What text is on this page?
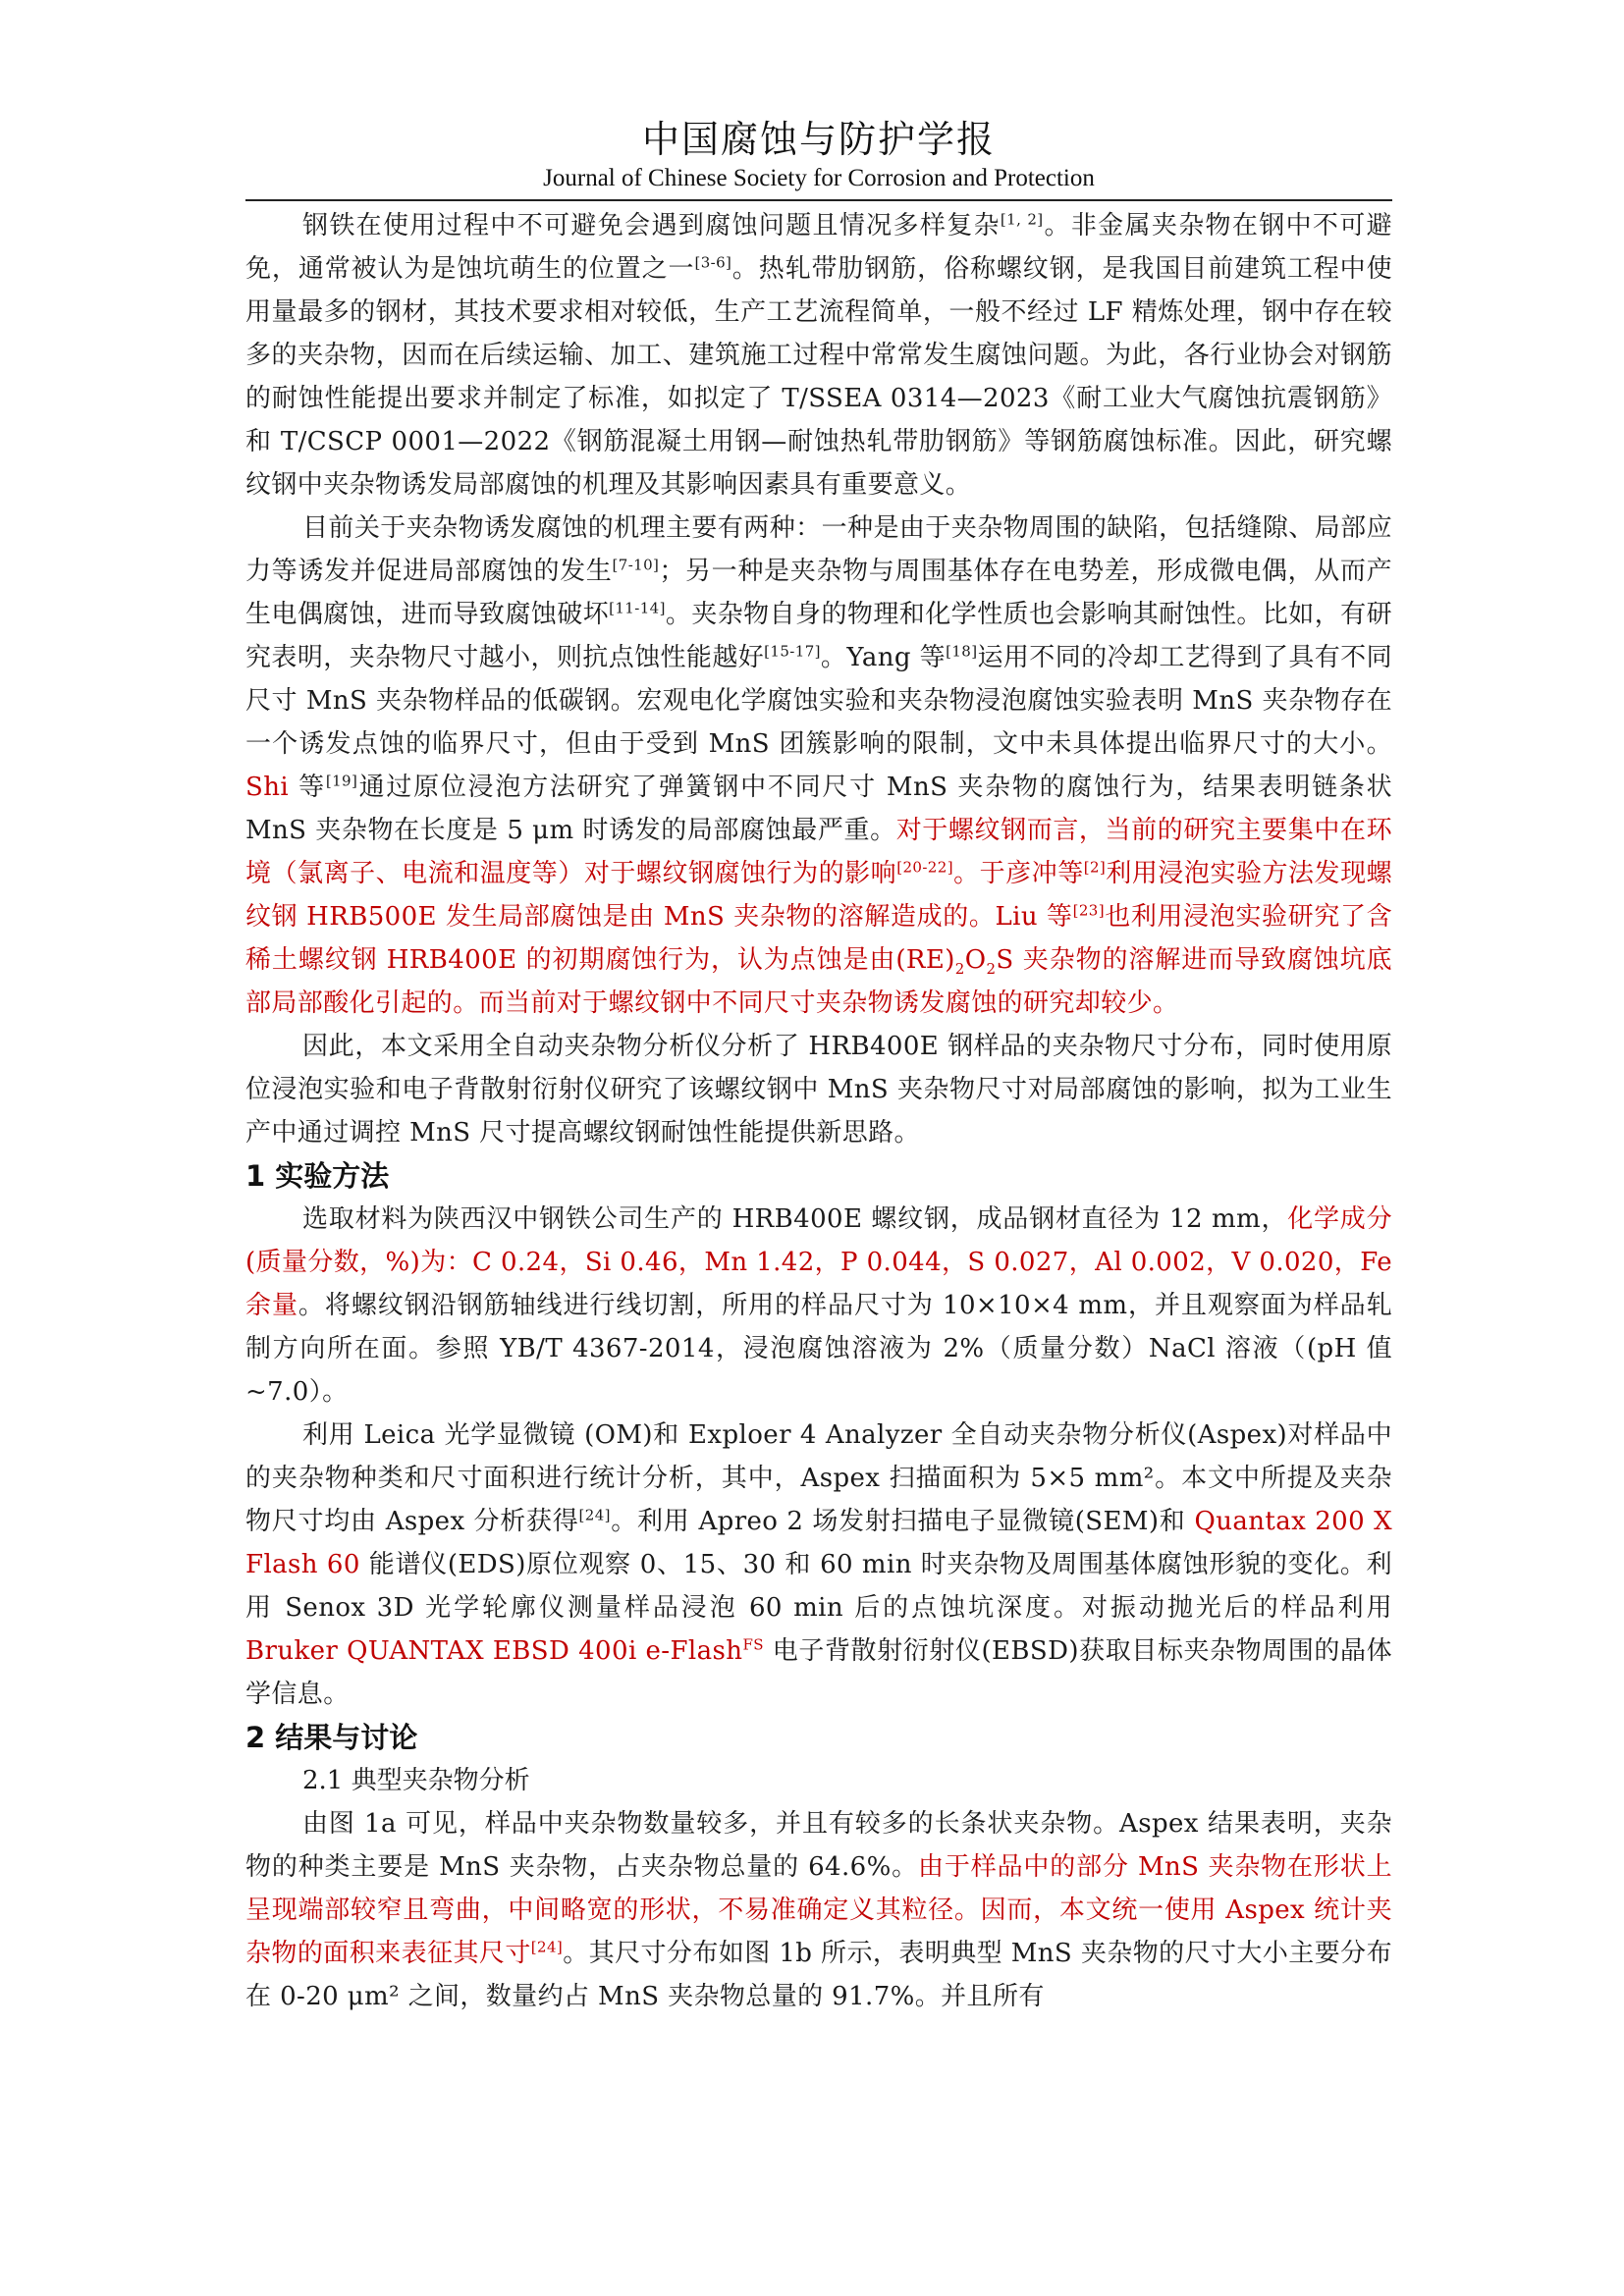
中国腐蚀与防护学报
Journal of Chinese Society for Corrosion and Protection

钢铁在使用过程中不可避免会遇到腐蚀问题且情况多样复杂[1, 2]。非金属夹杂物在钢中不可避免，通常被认为是蚀坑萌生的位置之一[3-6]。热轧带肋钢筋，俗称螺纹钢，是我国目前建筑工程中使用量最多的钢材，其技术要求相对较低，生产工艺流程简单，一般不经过 LF 精炼处理，钢中存在较多的夹杂物，因而在后续运输、加工、建筑施工过程中常常发生腐蚀问题。为此，各行业协会对钢筋的耐蚀性能提出要求并制定了标准，如拟定了 T/SSEA 0314—2023《耐工业大气腐蚀抗震钢筋》和 T/CSCP 0001—2022《钢筋混凝土用钢—耐蚀热轧带肋钢筋》等钢筋腐蚀标准。因此，研究螺纹钢中夹杂物诱发局部腐蚀的机理及其影响因素具有重要意义。

目前关于夹杂物诱发腐蚀的机理主要有两种：一种是由于夹杂物周围的缺陷，包括缝隙、局部应力等诱发并促进局部腐蚀的发生[7-10]；另一种是夹杂物与周围基体存在电势差，形成微电偶，从而产生电偶腐蚀，进而导致腐蚀破坏[11-14]。夹杂物自身的物理和化学性质也会影响其耐蚀性。比如，有研究表明，夹杂物尺寸越小，则抗点蚀性能越好[15-17]。Yang 等[18]运用不同的冷却工艺得到了具有不同尺寸 MnS 夹杂物样品的低碳钢。宏观电化学腐蚀实验和夹杂物浸泡腐蚀实验表明 MnS 夹杂物存在一个诱发点蚀的临界尺寸，但由于受到 MnS 团簇影响的限制，文中未具体提出临界尺寸的大小。Shi 等[19]通过原位浸泡方法研究了弹簧钢中不同尺寸 MnS 夹杂物的腐蚀行为，结果表明链条状 MnS 夹杂物在长度是 5 μm 时诱发的局部腐蚀最严重。对于螺纹钢而言，当前的研究主要集中在环境（氯离子、电流和温度等）对于螺纹钢腐蚀行为的影响[20-22]。于彦冲等[2]利用浸泡实验方法发现螺纹钢 HRB500E 发生局部腐蚀是由 MnS 夹杂物的溶解造成的。Liu 等[23]也利用浸泡实验研究了含稀土螺纹钢 HRB400E 的初期腐蚀行为，认为点蚀是由$(RE)_2O_2S$ 夹杂物的溶解进而导致腐蚀坑底部局部酸化引起的。而当前对于螺纹钢中不同尺寸夹杂物诱发腐蚀的研究却较少。

因此，本文采用全自动夹杂物分析仪分析了 HRB400E 钢样品的夹杂物尺寸分布，同时使用原位浸泡实验和电子背散射衍射仪研究了该螺纹钢中 MnS 夹杂物尺寸对局部腐蚀的影响，拟为工业生产中通过调控 MnS 尺寸提高螺纹钢耐蚀性能提供新思路。

1 实验方法

选取材料为陕西汉中钢铁公司生产的 HRB400E 螺纹钢，成品钢材直径为 12 mm，化学成分(质量分数，%)为：C 0.24，Si 0.46，Mn 1.42，P 0.044，S 0.027，Al 0.002，V 0.020，Fe 余量。将螺纹钢沿钢筋轴线进行线切割，所用的样品尺寸为 10×10×4 mm，并且观察面为样品轧制方向所在面。参照 YB/T 4367-2014，浸泡腐蚀溶液为 2%（质量分数）NaCl 溶液（(pH 值~7.0）。

利用 Leica 光学显微镜 (OM)和 Exploer 4 Analyzer 全自动夹杂物分析仪(Aspex)对样品中的夹杂物种类和尺寸面积进行统计分析，其中，Aspex 扫描面积为 5×5 mm²。本文中所提及夹杂物尺寸均由 Aspex 分析获得[24]。利用 Apreo 2 场发射扫描电子显微镜(SEM)和 Quantax 200 X Flash 60 能谱仪(EDS)原位观察 0、15、30 和 60 min 时夹杂物及周围基体腐蚀形貌的变化。利用 Senox 3D 光学轮廓仪测量样品浸泡 60 min 后的点蚀坑深度。对振动抛光后的样品利用 Bruker QUANTAX EBSD 400i e-Flash$^{FS}$ 电子背散射衍射仪(EBSD)获取目标夹杂物周围的晶体学信息。

2 结果与讨论
2.1 典型夹杂物分析

由图 1a 可见，样品中夹杂物数量较多，并且有较多的长条状夹杂物。Aspex 结果表明，夹杂物的种类主要是 MnS 夹杂物，占夹杂物总量的 64.6%。由于样品中的部分 MnS 夹杂物在形状上呈现端部较窄且弯曲，中间略宽的形状，不易准确定义其粒径。因而，本文统一使用 Aspex 统计夹杂物的面积来表征其尺寸[24]。其尺寸分布如图 1b 所示，表明典型 MnS 夹杂物的尺寸大小主要分布在 0-20 μm² 之间，数量约占 MnS 夹杂物总量的 91.7%。并且所有
